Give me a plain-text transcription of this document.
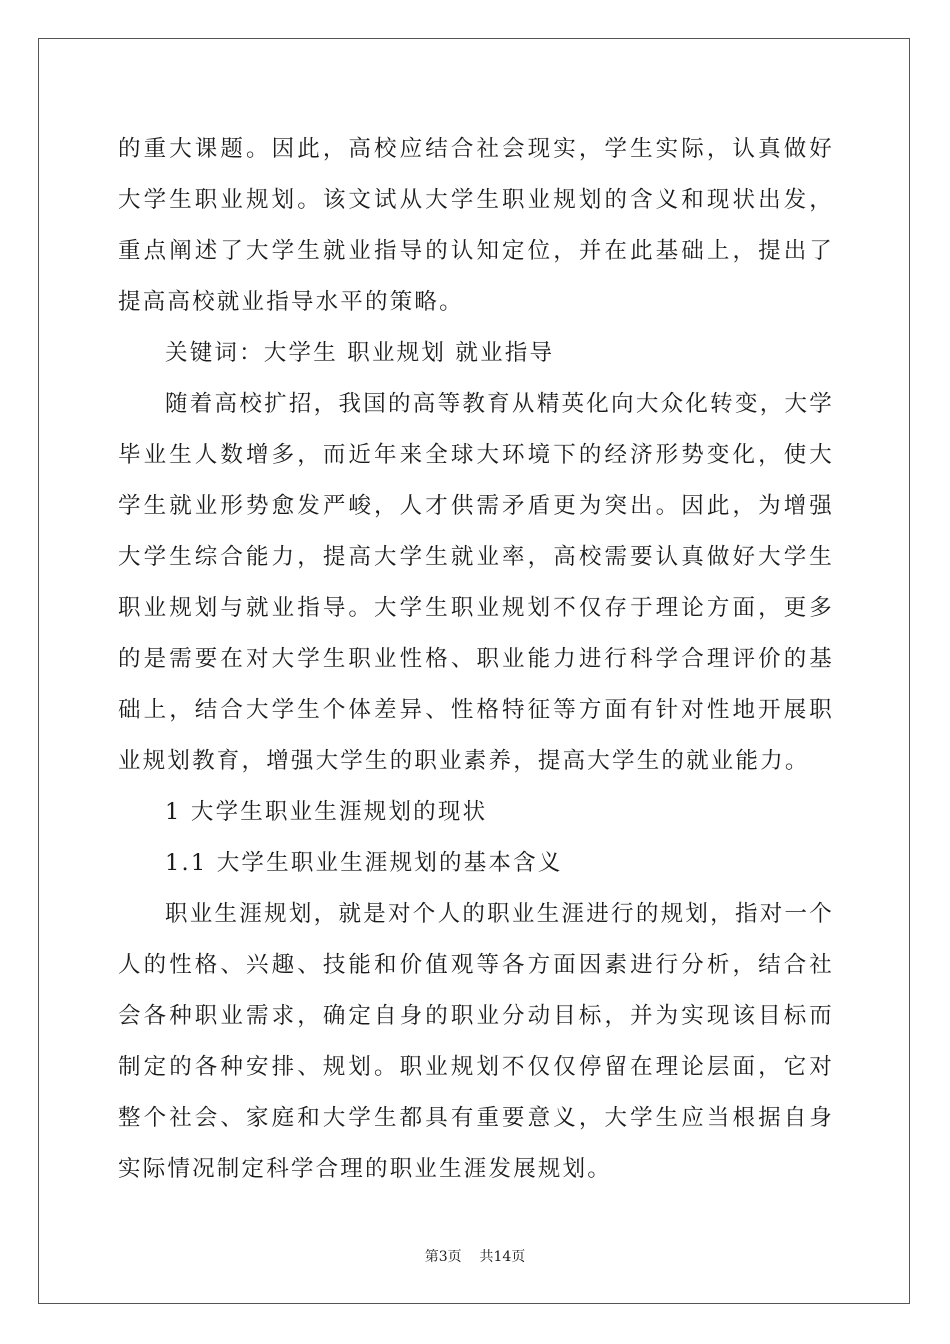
的重大课题。因此，高校应结合社会现实，学生实际，认真做好大学生职业规划。该文试从大学生职业规划的含义和现状出发，重点阐述了大学生就业指导的认知定位，并在此基础上，提出了提高高校就业指导水平的策略。

关键词：大学生 职业规划 就业指导

随着高校扩招，我国的高等教育从精英化向大众化转变，大学毕业生人数增多，而近年来全球大环境下的经济形势变化，使大学生就业形势愈发严峻，人才供需矛盾更为突出。因此，为增强大学生综合能力，提高大学生就业率，高校需要认真做好大学生职业规划与就业指导。大学生职业规划不仅存于理论方面，更多的是需要在对大学生职业性格、职业能力进行科学合理评价的基础上，结合大学生个体差异、性格特征等方面有针对性地开展职业规划教育，增强大学生的职业素养，提高大学生的就业能力。

1 大学生职业生涯规划的现状

1.1 大学生职业生涯规划的基本含义

职业生涯规划，就是对个人的职业生涯进行的规划，指对一个人的性格、兴趣、技能和价值观等各方面因素进行分析，结合社会各种职业需求，确定自身的职业分动目标，并为实现该目标而制定的各种安排、规划。职业规划不仅仅停留在理论层面，它对整个社会、家庭和大学生都具有重要意义，大学生应当根据自身实际情况制定科学合理的职业生涯发展规划。

第3页 共14页
